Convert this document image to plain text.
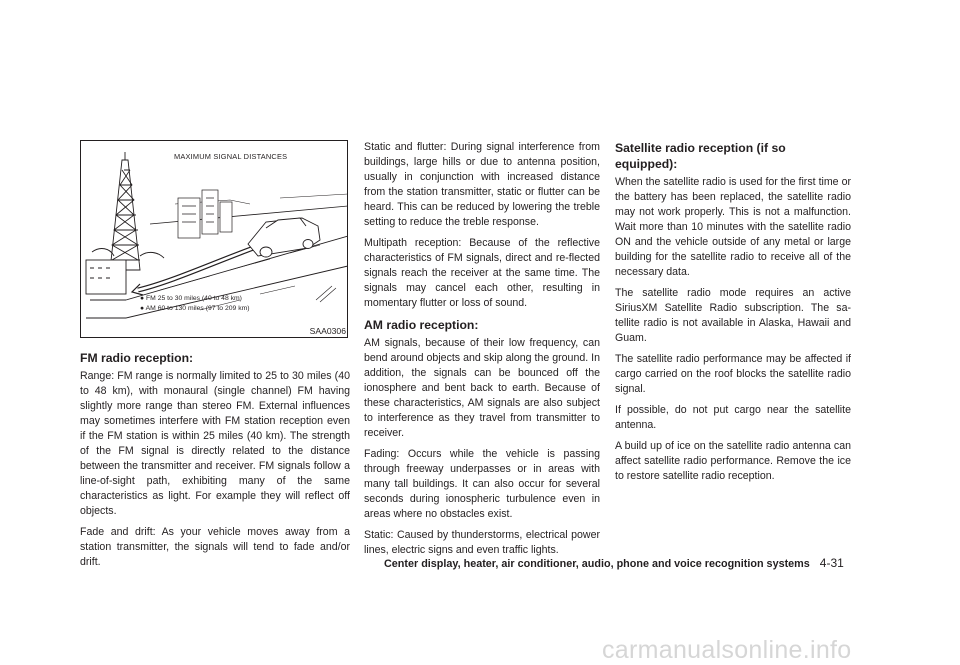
MAXIMUM SIGNAL DISTANCES
● FM 25 to 30 miles (40 to 48 km)
● AM 60 to 130 miles (97 to 209 km)
SAA0306
FM radio reception:

Range: FM range is normally limited to 25 to 30 miles (40 to 48 km), with monaural (single channel) FM having slightly more range than stereo FM. External influences may sometimes interfere with FM station reception even if the FM station is within 25 miles (40 km). The strength of the FM signal is directly related to the distance between the transmitter and receiver. FM signals follow a line-of-sight path, exhibiting many of the same characteristics as light. For example they will reflect off objects.

Fade and drift: As your vehicle moves away from a station transmitter, the signals will tend to fade and/or drift.

Static and flutter: During signal interference from buildings, large hills or due to antenna position, usually in conjunction with increased distance from the station transmitter, static or flutter can be heard. This can be reduced by lowering the treble setting to reduce the treble response.

Multipath reception: Because of the reflective characteristics of FM signals, direct and re-flected signals reach the receiver at the same time. The signals may cancel each other, resulting in momentary flutter or loss of sound.

AM radio reception:

AM signals, because of their low frequency, can bend around objects and skip along the ground. In addition, the signals can be bounced off the ionosphere and bent back to earth. Because of these characteristics, AM signals are also subject to interference as they travel from transmitter to receiver.

Fading: Occurs while the vehicle is passing through freeway underpasses or in areas with many tall buildings. It can also occur for several seconds during ionospheric turbulence even in areas where no obstacles exist.

Static: Caused by thunderstorms, electrical power lines, electric signs and even traffic lights.

Satellite radio reception (if so equipped):

When the satellite radio is used for the first time or the battery has been replaced, the satellite radio may not work properly. This is not a malfunction. Wait more than 10 minutes with the satellite radio ON and the vehicle outside of any metal or large building for the satellite radio to receive all of the necessary data.

The satellite radio mode requires an active SiriusXM Satellite Radio subscription. The sa-tellite radio is not available in Alaska, Hawaii and Guam.

The satellite radio performance may be affected if cargo carried on the roof blocks the satellite radio signal.

If possible, do not put cargo near the satellite antenna.

A build up of ice on the satellite radio antenna can affect satellite radio performance. Remove the ice to restore satellite radio reception.

Center display, heater, air conditioner, audio, phone and voice recognition systems 4-31
carmanualsonline.info
